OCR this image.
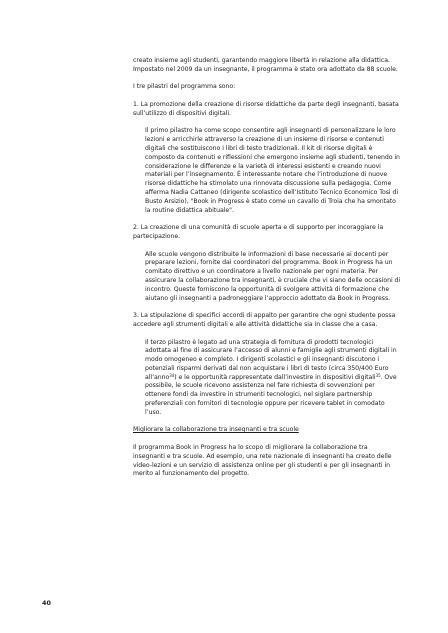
creato insieme agli studenti, garantendo maggiore libertà in relazione alla didattica. Impostato nel 2009 da un insegnante, il programma è stato ora adottato da 88 scuole.

I tre pilastri del programma sono:

1. La promozione della creazione di risorse didattiche da parte degli insegnanti, basata sull’utilizzo di dispositivi digitali.

Il primo pilastro ha come scopo consentire agli insegnanti di personalizzare le loro lezioni e arricchirle attraverso la creazione di un insieme di risorse e contenuti digitali che sostituiscono i libri di testo tradizionali. Il kit di risorse digitali è composto da contenuti e riflessioni che emergono insieme agli studenti, tenendo in considerazione le differenze e la varietà di interessi esistenti e creando nuovi materiali per l’insegnamento. È interessante notare che l’introduzione di nuove risorse didattiche ha stimolato una rinnovata discussione sulla pedagogia. Come afferma Nadia Cattaneo (dirigente scolastico dell’Istituto Tecnico Economico Tosi di Busto Arsizio), "Book in Progress è stato come un cavallo di Troia che ha smontato la routine didattica abituale".

2. La creazione di una comunità di scuole aperta e di supporto per incoraggiare la partecipazione.

Alle scuole vengono distribuite le informazioni di base necessarie ai docenti per preparare lezioni, fornite dai coordinatori del programma. Book in Progress ha un comitato direttivo e un coordinatore a livello nazionale per ogni materia. Per assicurare la collaborazione tra insegnanti, è cruciale che vi siano delle occasioni di incontro. Queste forniscono la opportunità di svolgere attività di formazione che aiutano gli insegnanti a padroneggiare l’approccio adottato da Book in Progress.

3. La stipulazione di specifici accordi di appalto per garantire che ogni studente possa accedere agli strumenti digitali e alle attività didattiche sia in classe che a casa.

Il terzo pilastro è legato ad una strategia di fornitura di prodotti tecnologici adottata al fine di assicurare l’accesso di alunni e famiglie agli strumenti digitali in modo omogeneo e completo. I dirigenti scolastici e gli insegnanti discutono i potenziali risparmi derivati dal non acquistare i libri di testo (circa 350/400 Euro all’anno$^{34}$) e le opportunità rappresentate dall’investire in dispositivi digitali$^{35}$. Ove possibile, le scuole ricevono assistenza nel fare richiesta di sovvenzioni per ottenere fondi da investire in strumenti tecnologici, nel siglare partnership preferenziali con fornitori di tecnologie oppure per ricevere tablet in comodato l’uso.

Migliorare la collaborazione tra insegnanti e tra scuole

Il programma Book in Progress ha lo scopo di migliorare la collaborazione tra insegnanti e tra scuole. Ad esempio, una rete nazionale di insegnanti ha creato delle video-lezioni e un servizio di assistenza online per gli studenti e per gli insegnanti in merito al funzionamento del progetto.

40
